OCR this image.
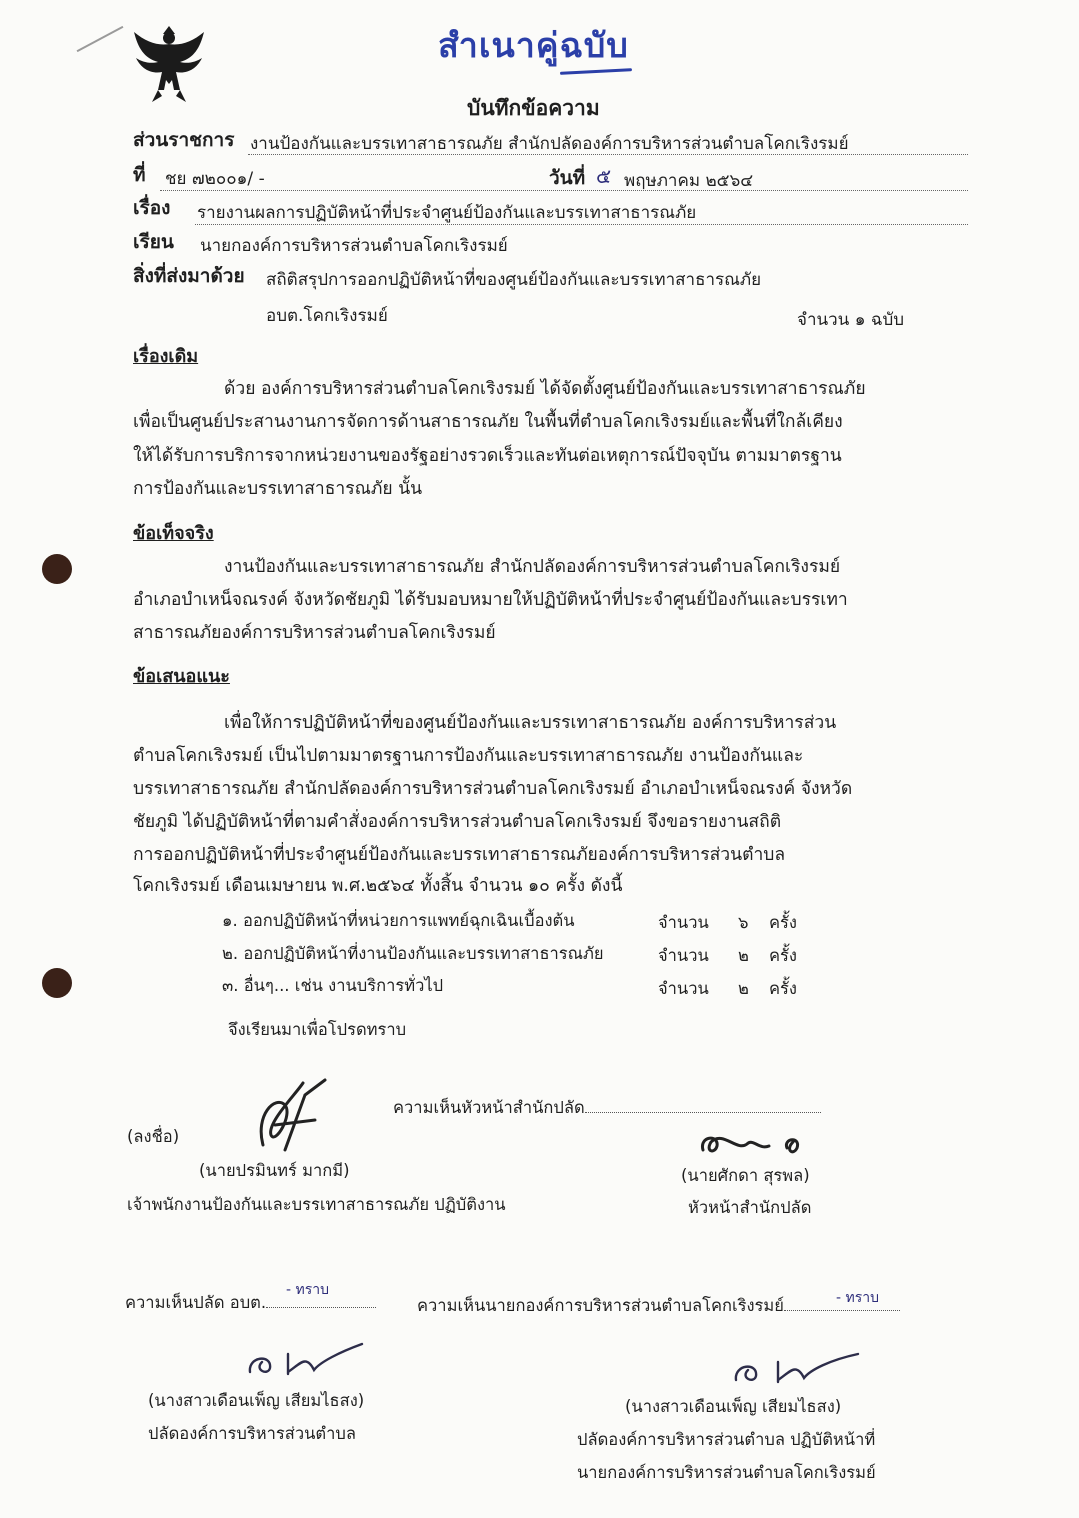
สำเนาคู่ฉบับ
บันทึกข้อความ
ส่วนราชการ งานป้องกันและบรรเทาสาธารณภัย สำนักปลัดองค์การบริหารส่วนตำบลโคกเริงรมย์
ที่ ชย ๗๒๐๐๑/ -	วันที่ ๕ พฤษภาคม ๒๕๖๔
เรื่อง รายงานผลการปฏิบัติหน้าที่ประจำศูนย์ป้องกันและบรรเทาสาธารณภัย
เรียน นายกองค์การบริหารส่วนตำบลโคกเริงรมย์
สิ่งที่ส่งมาด้วย สถิติสรุปการออกปฏิบัติหน้าที่ของศูนย์ป้องกันและบรรเทาสาธารณภัย
อบต.โคกเริงรมย์	จำนวน ๑ ฉบับ
เรื่องเดิม
ด้วย องค์การบริหารส่วนตำบลโคกเริงรมย์ ได้จัดตั้งศูนย์ป้องกันและบรรเทาสาธารณภัย
เพื่อเป็นศูนย์ประสานงานการจัดการด้านสาธารณภัย ในพื้นที่ตำบลโคกเริงรมย์และพื้นที่ใกล้เคียง
ให้ได้รับการบริการจากหน่วยงานของรัฐอย่างรวดเร็วและทันต่อเหตุการณ์ปัจจุบัน ตามมาตรฐาน
การป้องกันและบรรเทาสาธารณภัย นั้น
ข้อเท็จจริง
งานป้องกันและบรรเทาสาธารณภัย สำนักปลัดองค์การบริหารส่วนตำบลโคกเริงรมย์
อำเภอบำเหน็จณรงค์ จังหวัดชัยภูมิ ได้รับมอบหมายให้ปฏิบัติหน้าที่ประจำศูนย์ป้องกันและบรรเทา
สาธารณภัยองค์การบริหารส่วนตำบลโคกเริงรมย์
ข้อเสนอแนะ
เพื่อให้การปฏิบัติหน้าที่ของศูนย์ป้องกันและบรรเทาสาธารณภัย องค์การบริหารส่วน
ตำบลโคกเริงรมย์ เป็นไปตามมาตรฐานการป้องกันและบรรเทาสาธารณภัย งานป้องกันและ
บรรเทาสาธารณภัย สำนักปลัดองค์การบริหารส่วนตำบลโคกเริงรมย์ อำเภอบำเหน็จณรงค์ จังหวัด
ชัยภูมิ ได้ปฏิบัติหน้าที่ตามคำสั่งองค์การบริหารส่วนตำบลโคกเริงรมย์ จึงขอรายงานสถิติ
การออกปฏิบัติหน้าที่ประจำศูนย์ป้องกันและบรรเทาสาธารณภัยองค์การบริหารส่วนตำบล
โคกเริงรมย์ เดือนเมษายน พ.ศ.๒๕๖๔ ทั้งสิ้น จำนวน ๑๐ ครั้ง ดังนี้
๑. ออกปฏิบัติหน้าที่หน่วยการแพทย์ฉุกเฉินเบื้องต้น	จำนวน ๖ ครั้ง
๒. ออกปฏิบัติหน้าที่งานป้องกันและบรรเทาสาธารณภัย	จำนวน ๒ ครั้ง
๓. อื่นๆ... เช่น งานบริการทั่วไป	จำนวน ๒ ครั้ง
จึงเรียนมาเพื่อโปรดทราบ
(ลงชื่อ)
(นายปรมินทร์ มากมี)
เจ้าพนักงานป้องกันและบรรเทาสาธารณภัย ปฏิบัติงาน
ความเห็นหัวหน้าสำนักปลัด
(นายศักดา สุรพล)
หัวหน้าสำนักปลัด
ความเห็นปลัด อบต.
- ทราบ
ความเห็นนายกองค์การบริหารส่วนตำบลโคกเริงรมย์	- ทราบ
(นางสาวเดือนเพ็ญ เสียมไธสง)
ปลัดองค์การบริหารส่วนตำบล
(นางสาวเดือนเพ็ญ เสียมไธสง)
ปลัดองค์การบริหารส่วนตำบล ปฏิบัติหน้าที่
นายกองค์การบริหารส่วนตำบลโคกเริงรมย์
